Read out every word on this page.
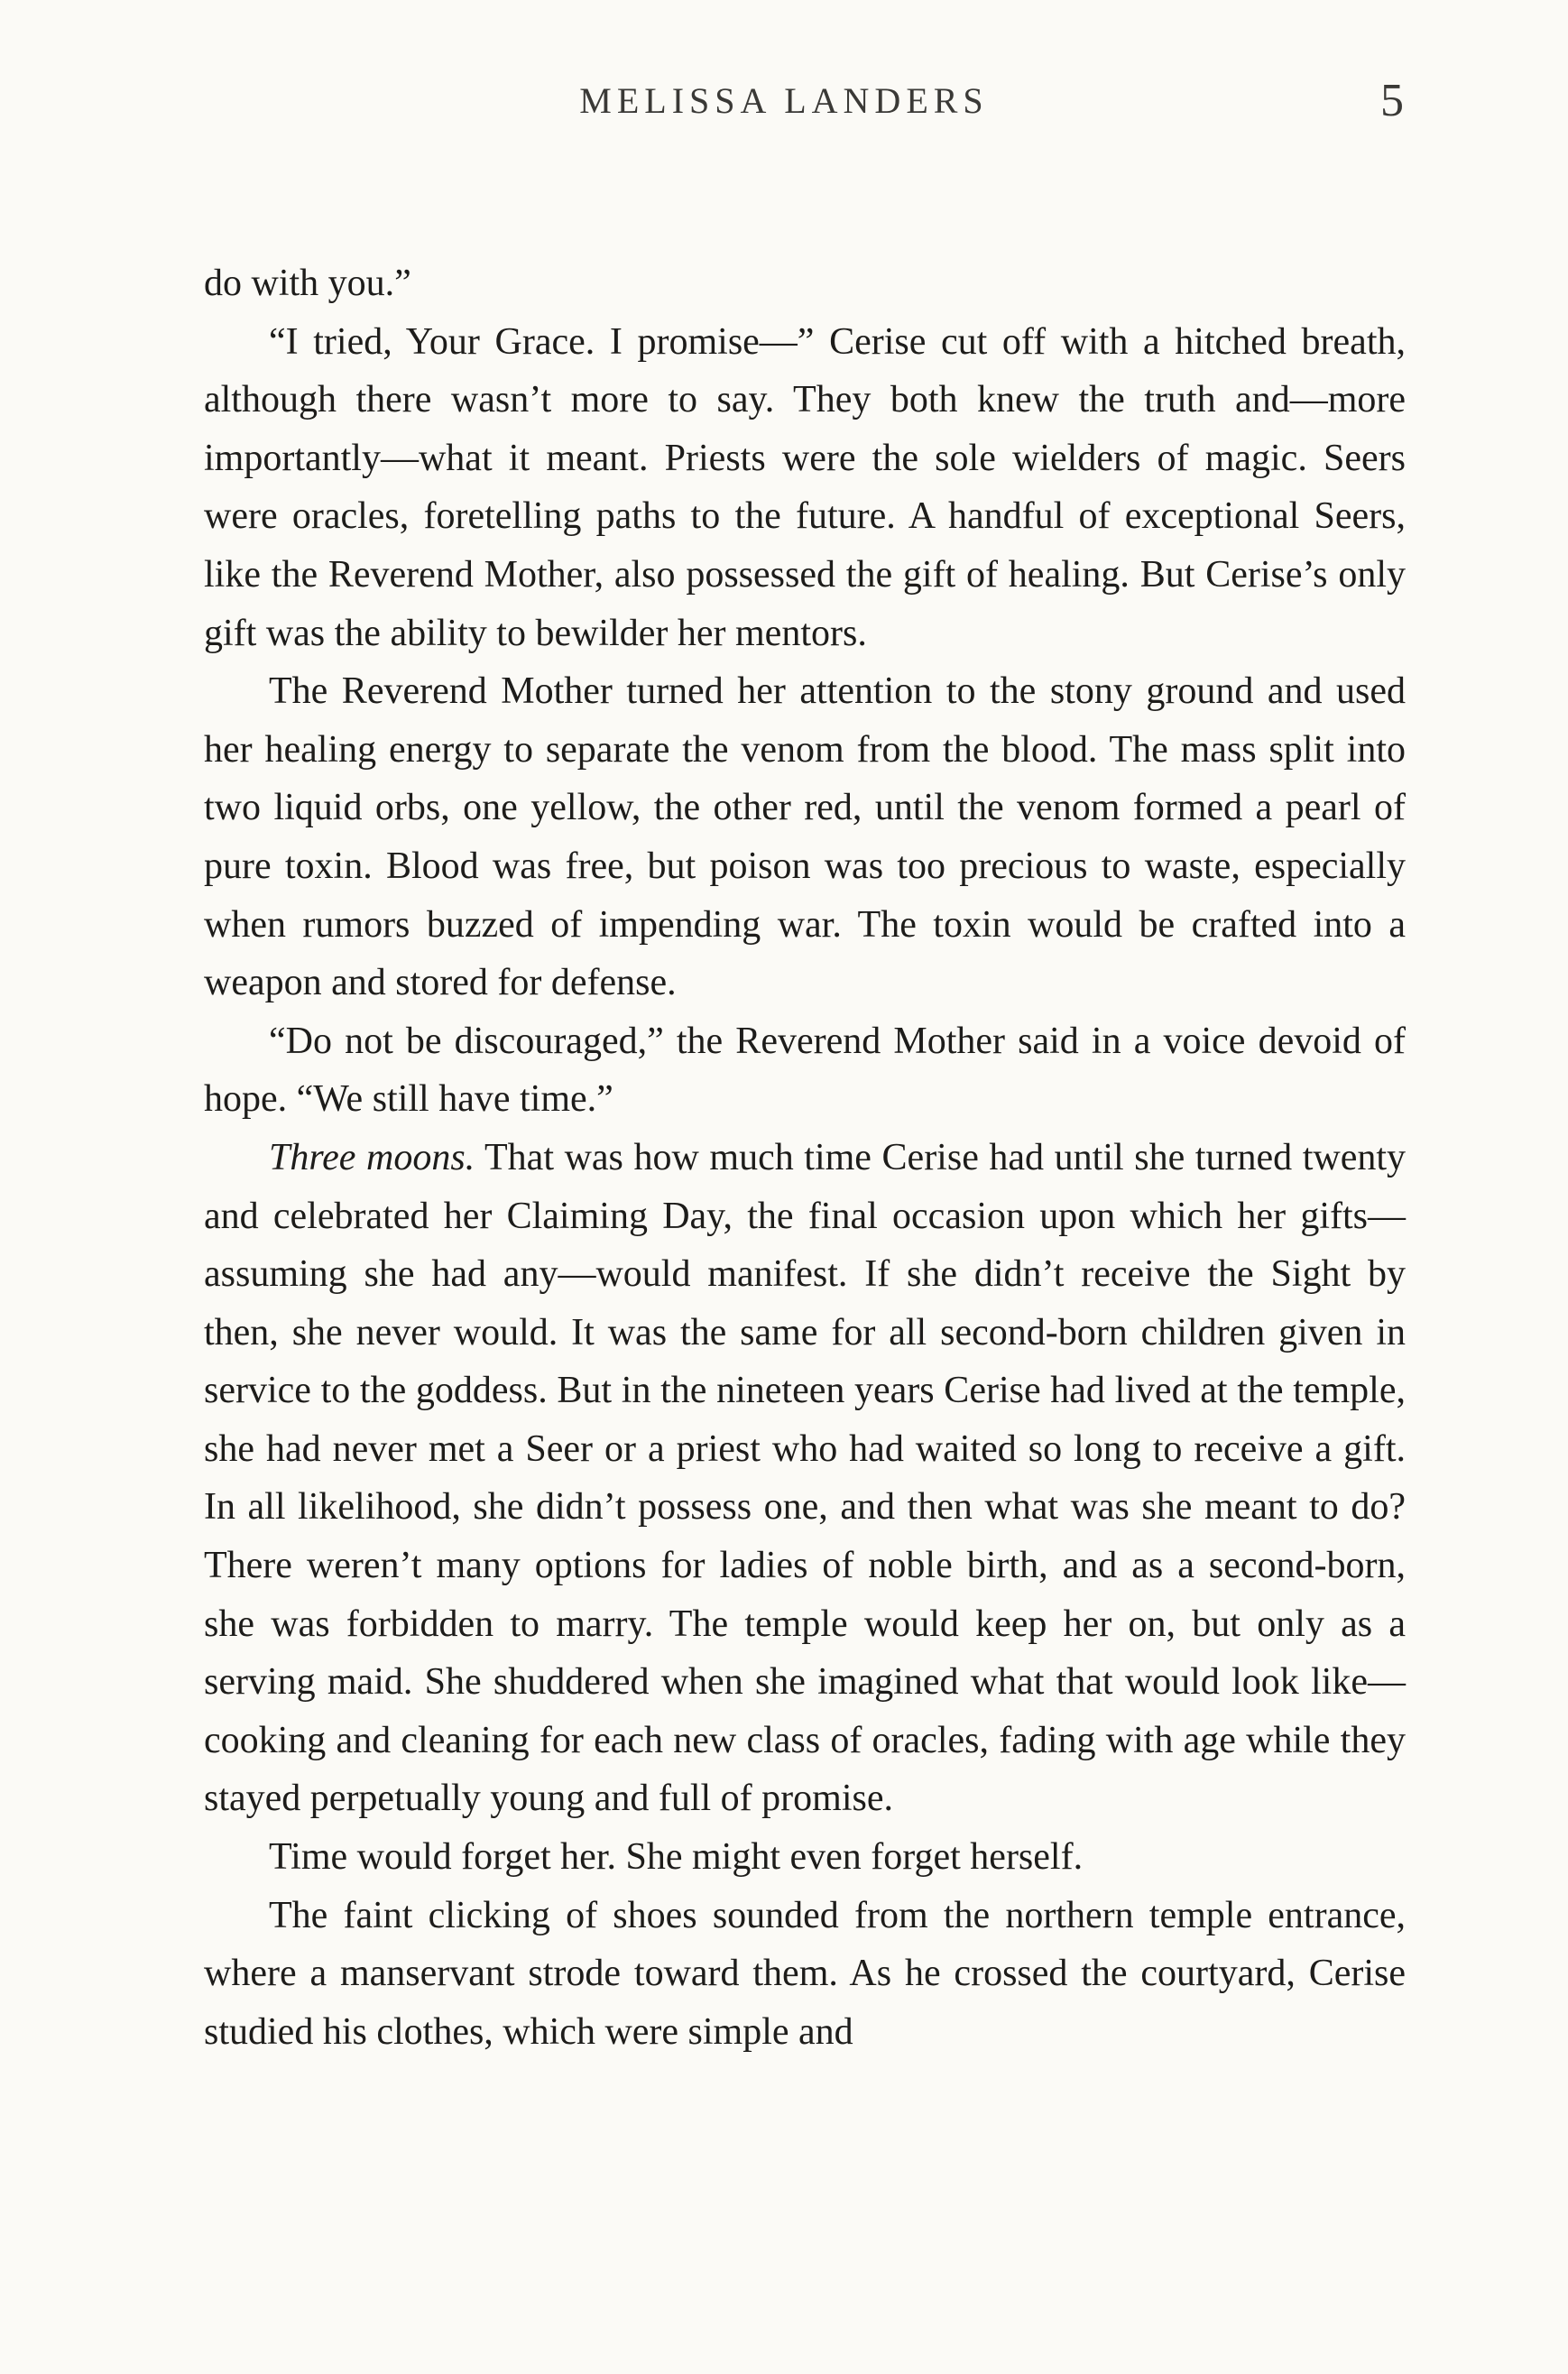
MELISSA LANDERS	5

do with you.”

“I tried, Your Grace. I promise—” Cerise cut off with a hitched breath, although there wasn’t more to say. They both knew the truth and—more importantly—what it meant. Priests were the sole wielders of magic. Seers were oracles, foretelling paths to the future. A handful of exceptional Seers, like the Reverend Mother, also possessed the gift of healing. But Cerise’s only gift was the ability to bewilder her mentors.

The Reverend Mother turned her attention to the stony ground and used her healing energy to separate the venom from the blood. The mass split into two liquid orbs, one yellow, the other red, until the venom formed a pearl of pure toxin. Blood was free, but poison was too precious to waste, especially when rumors buzzed of impending war. The toxin would be crafted into a weapon and stored for defense.

“Do not be discouraged,” the Reverend Mother said in a voice devoid of hope. “We still have time.”

Three moons. That was how much time Cerise had until she turned twenty and celebrated her Claiming Day, the final occasion upon which her gifts—assuming she had any—would manifest. If she didn’t receive the Sight by then, she never would. It was the same for all second-born children given in service to the goddess. But in the nineteen years Cerise had lived at the temple, she had never met a Seer or a priest who had waited so long to receive a gift. In all likelihood, she didn’t possess one, and then what was she meant to do? There weren’t many options for ladies of noble birth, and as a second-born, she was forbidden to marry. The temple would keep her on, but only as a serving maid. She shuddered when she imagined what that would look like—cooking and cleaning for each new class of oracles, fading with age while they stayed perpetually young and full of promise.

Time would forget her. She might even forget herself.

The faint clicking of shoes sounded from the northern temple entrance, where a manservant strode toward them. As he crossed the courtyard, Cerise studied his clothes, which were simple and
